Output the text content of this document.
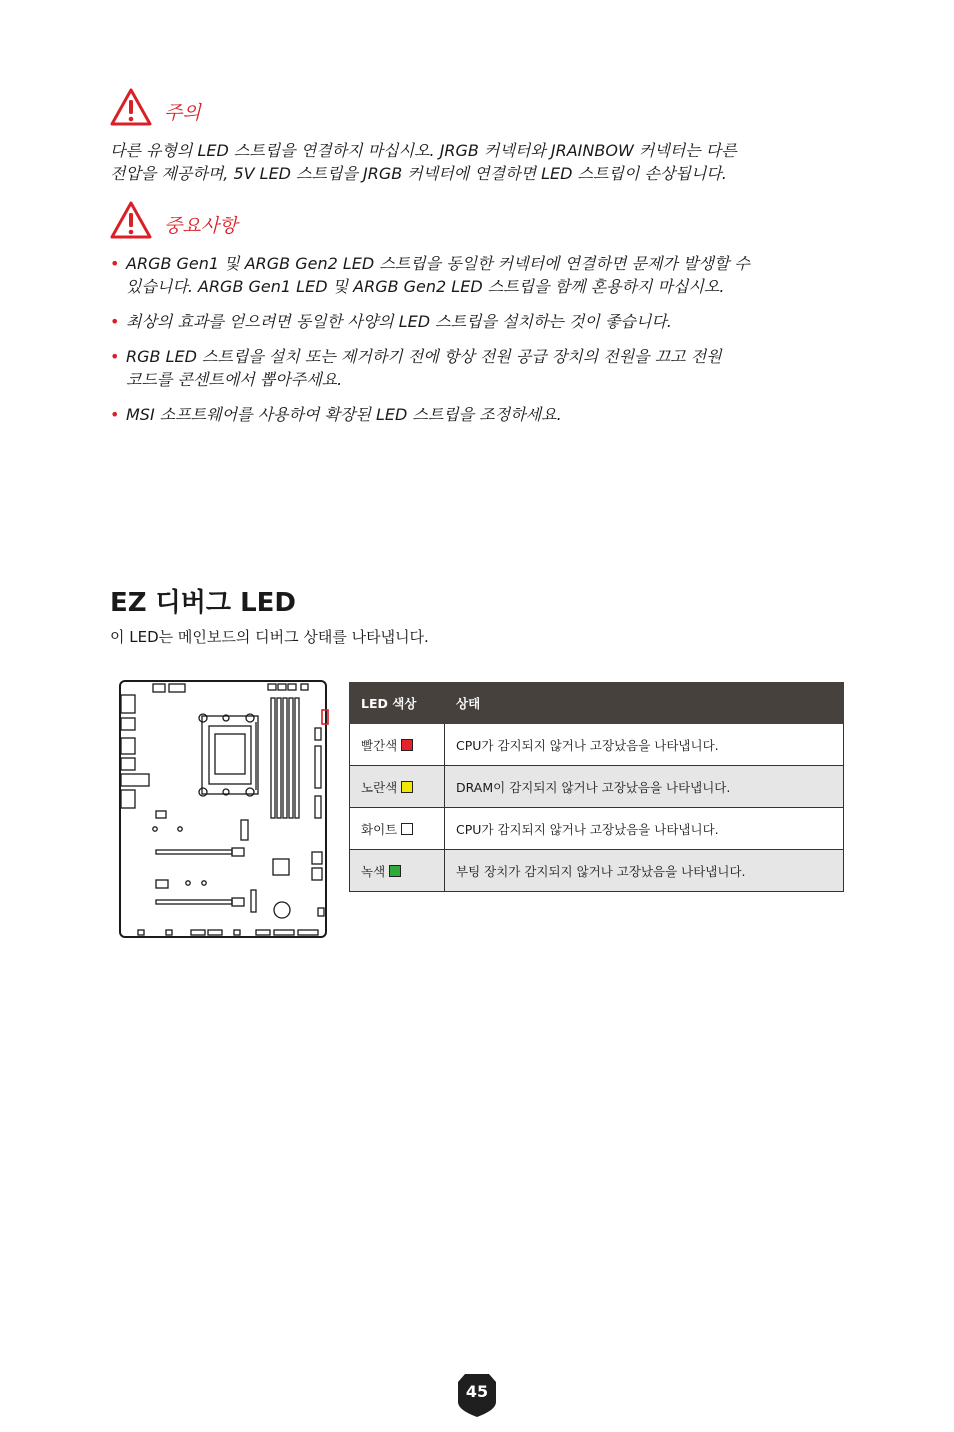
주의
다른 유형의 LED 스트립을 연결하지 마십시오. JRGB 커넥터와 JRAINBOW 커넥터는 다른
전압을 제공하며, 5V LED 스트립을 JRGB 커넥터에 연결하면 LED 스트립이 손상됩니다.
중요사항
• ARGB Gen1 및 ARGB Gen2 LED 스트립을 동일한 커넥터에 연결하면 문제가 발생할 수
있습니다. ARGB Gen1 LED 및 ARGB Gen2 LED 스트립을 함께 혼용하지 마십시오.
• 최상의 효과를 얻으려면 동일한 사양의 LED 스트립을 설치하는 것이 좋습니다.
• RGB LED 스트립을 설치 또는 제거하기 전에 항상 전원 공급 장치의 전원을 끄고 전원
코드를 콘센트에서 뽑아주세요.
• MSI 소프트웨어를 사용하여 확장된 LED 스트립을 조정하세요.
EZ 디버그 LED
이 LED는 메인보드의 디버그 상태를 나타냅니다.
LED 색상	상태
빨간색	CPU가 감지되지 않거나 고장났음을 나타냅니다.
노란색	DRAM이 감지되지 않거나 고장났음을 나타냅니다.
화이트	CPU가 감지되지 않거나 고장났음을 나타냅니다.
녹색	부팅 장치가 감지되지 않거나 고장났음을 나타냅니다.
45
